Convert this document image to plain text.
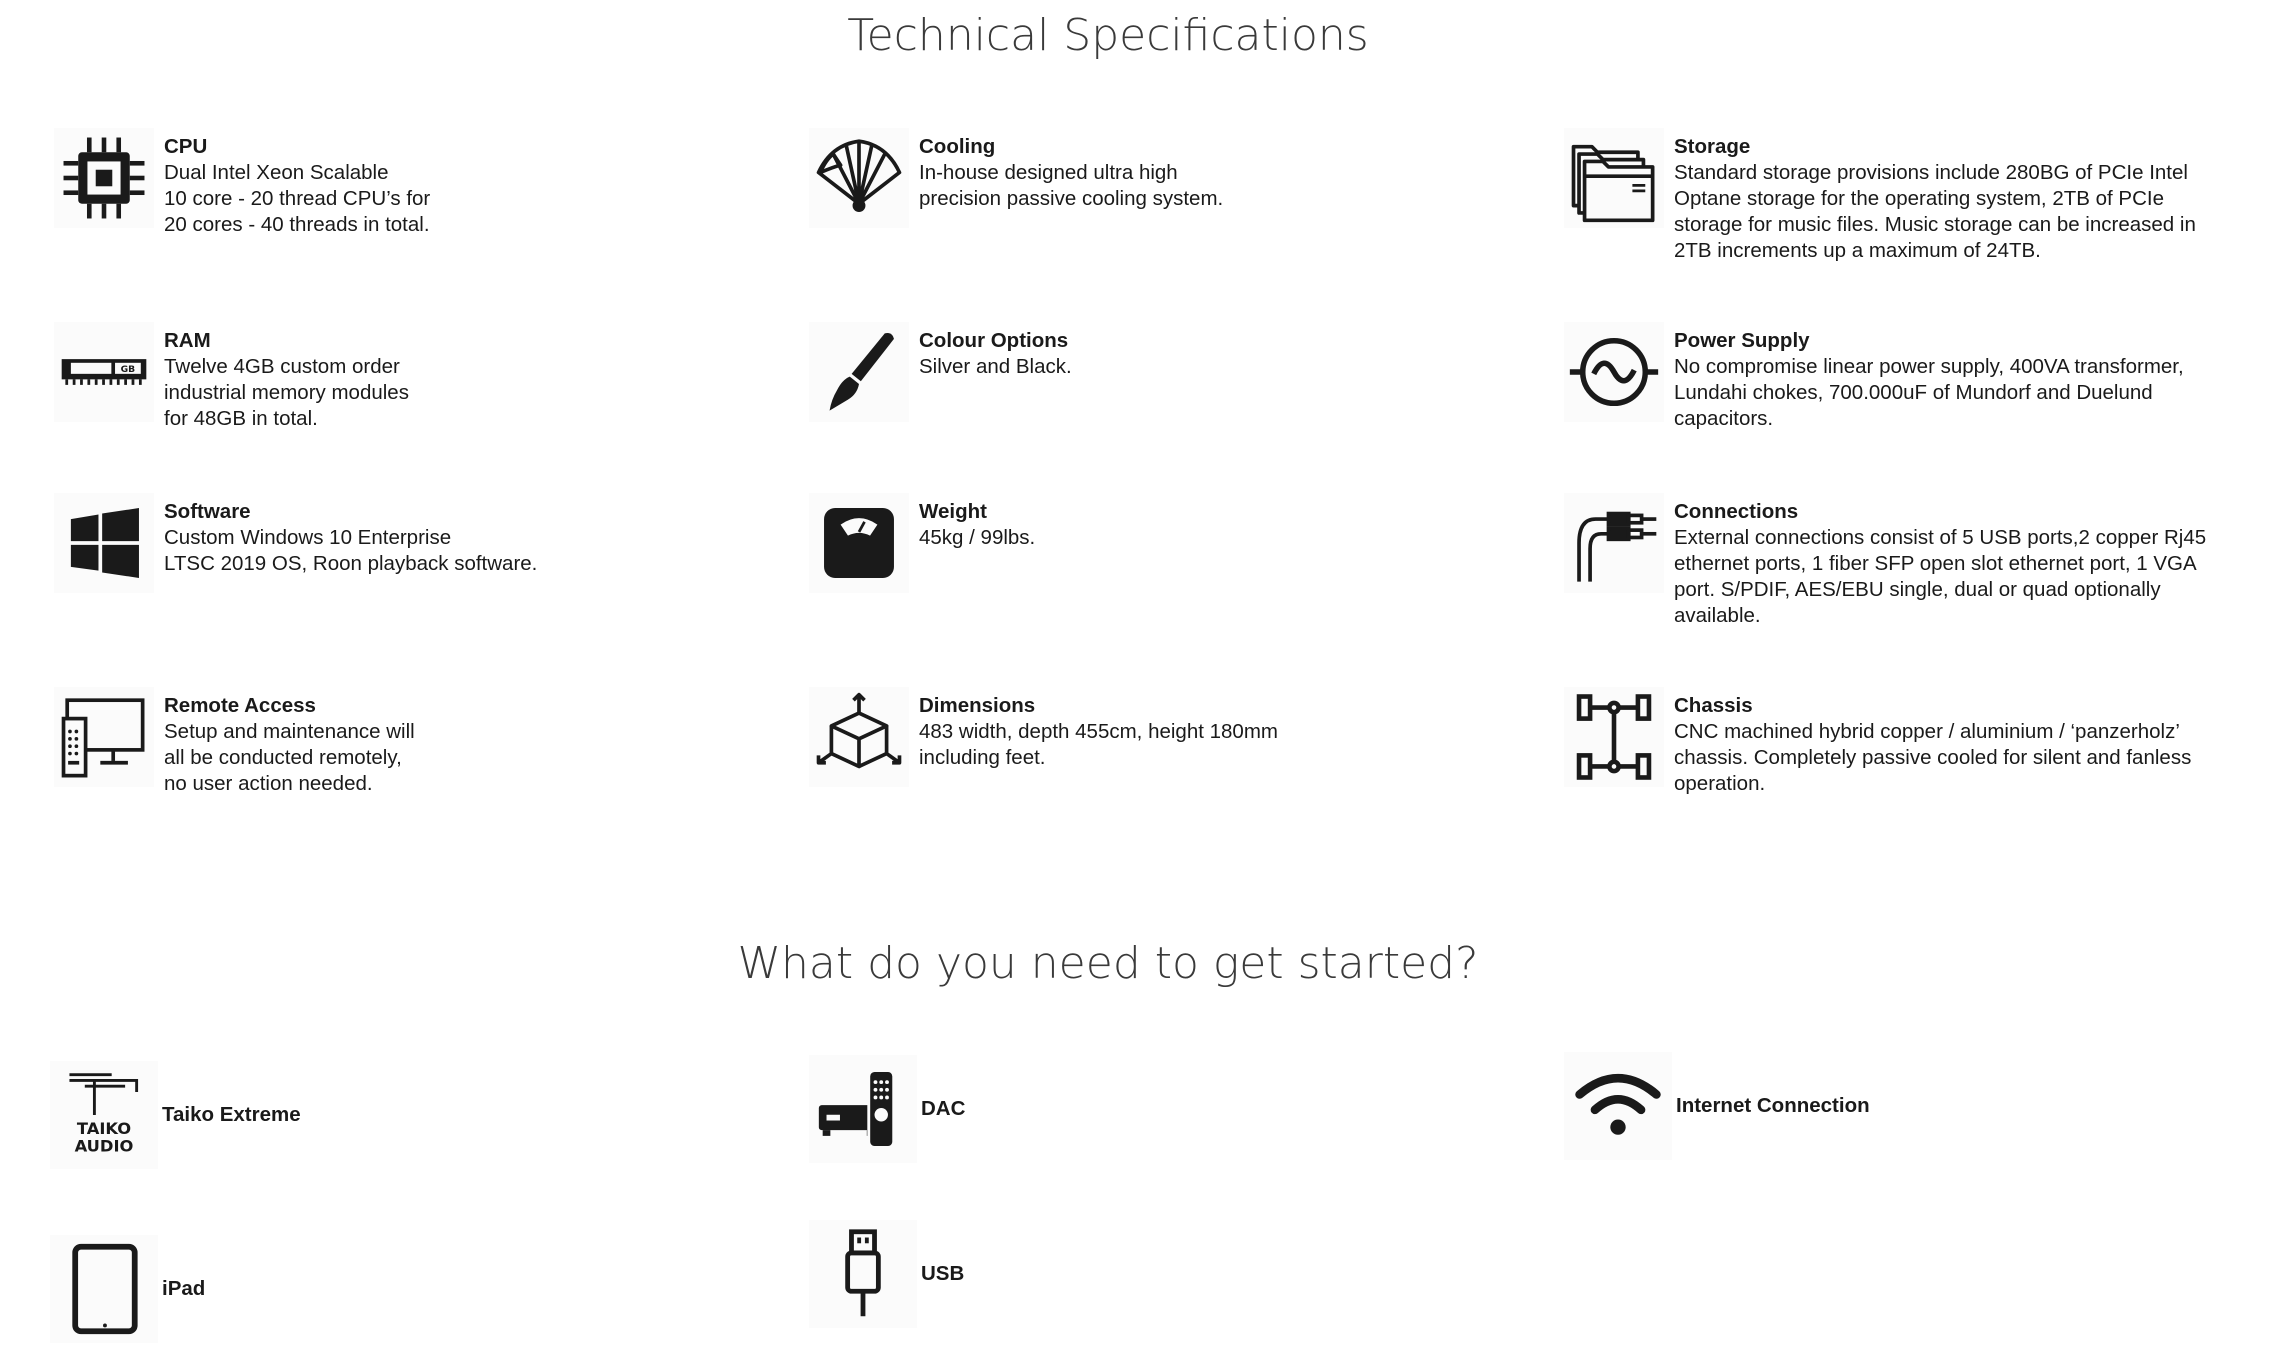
Technical Specifications
CPU
Dual Intel Xeon Scalable
10 core - 20 thread CPU’s for
20 cores - 40 threads in total.
Cooling
In-house designed ultra high
precision passive cooling system.
Storage
Standard storage provisions include 280BG of PCIe Intel
Optane storage for the operating system, 2TB of PCIe
storage for music files. Music storage can be increased in
2TB increments up a maximum of 24TB.
GB
RAM
Twelve 4GB custom order
industrial memory modules
for 48GB in total.
Colour Options
Silver and Black.
Power Supply
No compromise linear power supply, 400VA transformer,
Lundahi chokes, 700.000uF of Mundorf and Duelund
capacitors.
Software
Custom Windows 10 Enterprise
LTSC 2019 OS, Roon playback software.
Weight
45kg / 99lbs.
Connections
External connections consist of 5 USB ports,2 copper Rj45
ethernet ports, 1 fiber SFP open slot ethernet port, 1 VGA
port. S/PDIF, AES/EBU single, dual or quad optionally
available.
Remote Access
Setup and maintenance will
all be conducted remotely,
no user action needed.
Dimensions
483 width, depth 455cm, height 180mm
including feet.
Chassis
CNC machined hybrid copper / aluminium / ‘panzerholz’
chassis. Completely passive cooled for silent and fanless
operation.
What do you need to get started?
TAIKO
AUDIO
Taiko Extreme	DAC	Internet Connection
iPad
USB
